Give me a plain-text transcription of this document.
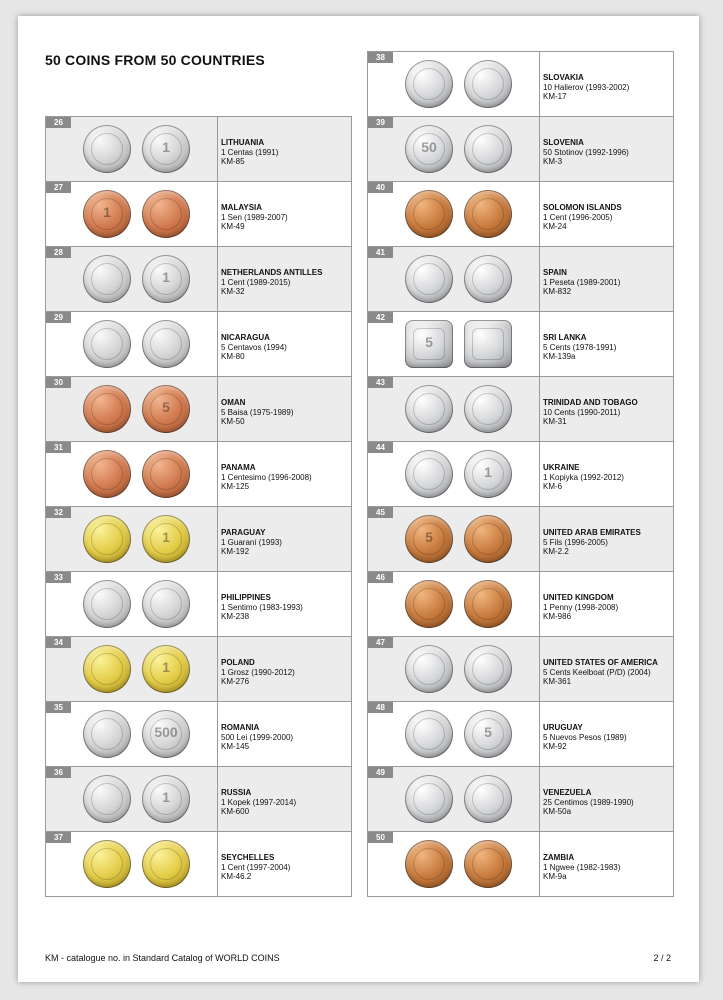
50 COINS FROM 50 COUNTRIES
26
1	LITHUANIA
1 Centas (1991)
KM-85
27
1	MALAYSIA
1 Sen (1989-2007)
KM-49
28
1	NETHERLANDS ANTILLES
1 Cent (1989-2015)
KM-32
29
NICARAGUA
5 Centavos (1994)
KM-80
30
5	OMAN
5 Baisa (1975-1989)
KM-50
31
PANAMA
1 Centesimo (1996-2008)
KM-125
32
1	PARAGUAY
1 Guaraní (1993)
KM-192
33
PHILIPPINES
1 Sentimo (1983-1993)
KM-238
34
1	POLAND
1 Grosz (1990-2012)
KM-276
35
500	ROMANIA
500 Lei (1999-2000)
KM-145
36
1	RUSSIA
1 Kopek (1997-2014)
KM-600
37
SEYCHELLES
1 Cent (1997-2004)
KM-46.2
38
SLOVAKIA
10 Halierov (1993-2002)
KM-17
39
50	SLOVENIA
50 Stotinov (1992-1996)
KM-3
40
SOLOMON ISLANDS
1 Cent (1996-2005)
KM-24
41
SPAIN
1 Peseta (1989-2001)
KM-832
42
5	SRI LANKA
5 Cents (1978-1991)
KM-139a
43
TRINIDAD AND TOBAGO
10 Cents (1990-2011)
KM-31
44
1	UKRAINE
1 Kopiyka (1992-2012)
KM-6
45
5	UNITED ARAB EMIRATES
5 Fils (1996-2005)
KM-2.2
46
UNITED KINGDOM
1 Penny (1998-2008)
KM-986
47
UNITED STATES OF AMERICA
5 Cents Keelboat (P/D) (2004)
KM-361
48
5	URUGUAY
5 Nuevos Pesos (1989)
KM-92
49
VENEZUELA
25 Centimos (1989-1990)
KM-50a
50
ZAMBIA
1 Ngwee (1982-1983)
KM-9a
KM - catalogue no. in Standard Catalog of WORLD COINS	2 / 2
